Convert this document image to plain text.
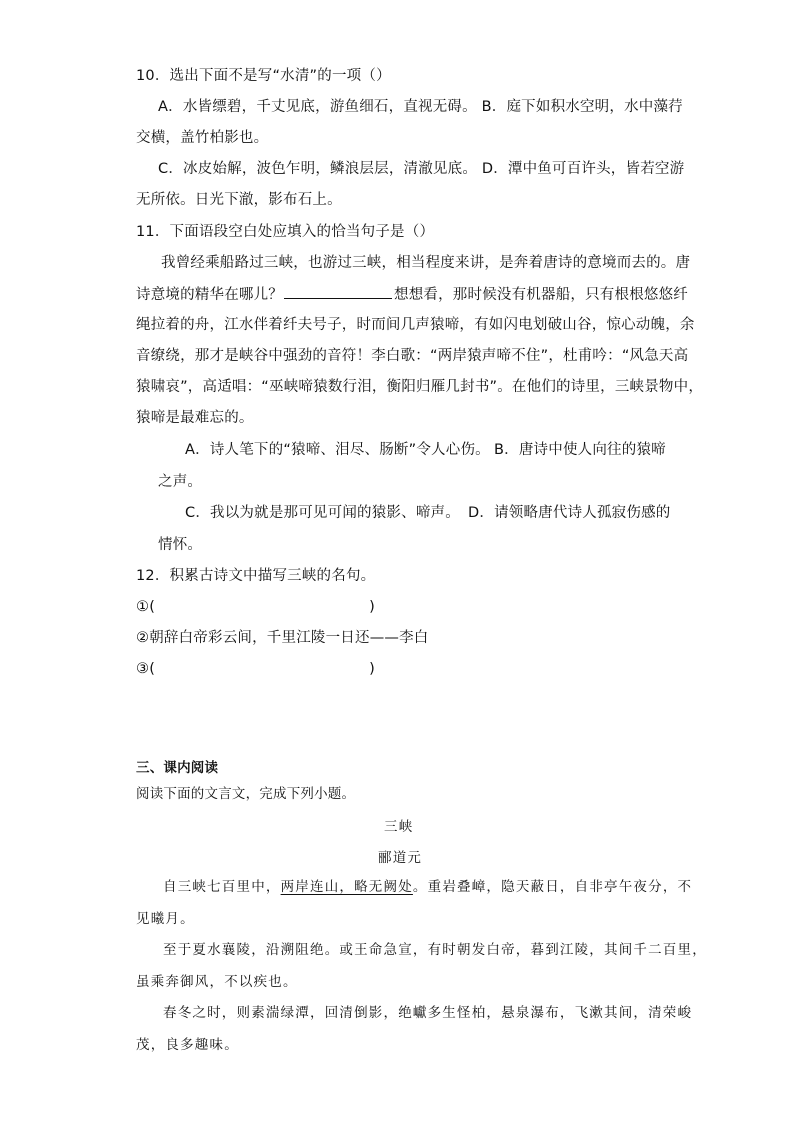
10．选出下面不是写“水清”的一项（）
A．水皆缥碧，千丈见底，游鱼细石，直视无碍。 B．庭下如积水空明，水中藻荇
交横，盖竹柏影也。
C．冰皮始解，波色乍明，鳞浪层层，清澈见底。 D．潭中鱼可百许头，皆若空游
无所依。日光下澈，影布石上。
11．下面语段空白处应填入的恰当句子是（）
我曾经乘船路过三峡，也游过三峡，相当程度来讲，是奔着唐诗的意境而去的。唐
诗意境的精华在哪儿？	想想看，那时候没有机器船，只有根根悠悠纤
绳拉着的舟，江水伴着纤夫号子，时而间几声猿啼，有如闪电划破山谷，惊心动魄，余
音缭绕，那才是峡谷中强劲的音符！李白歌：“两岸猿声啼不住”，杜甫吟：“风急天高
猿啸哀”，高适唱：“巫峡啼猿数行泪，衡阳归雁几封书”。在他们的诗里，三峡景物中，
猿啼是最难忘的。
A．诗人笔下的“猿啼、泪尽、肠断”令人心伤。 B．唐诗中使人向往的猿啼
之声。
C．我以为就是那可见可闻的猿影、啼声。 D．请领略唐代诗人孤寂伤感的
情怀。
12．积累古诗文中描写三峡的名句。
①(	)
②朝辞白帝彩云间，千里江陵一日还——李白
③(	)
三、课内阅读
阅读下面的文言文，完成下列小题。
三峡
郦道元
自三峡七百里中，两岸连山，略无阙处。重岩叠嶂，隐天蔽日，自非亭午夜分，不
见曦月。
至于夏水襄陵，沿溯阻绝。或王命急宣，有时朝发白帝，暮到江陵，其间千二百里，
虽乘奔御风，不以疾也。
春冬之时，则素湍绿潭，回清倒影，绝巘多生怪柏，悬泉瀑布，飞漱其间，清荣峻
茂，良多趣味。
